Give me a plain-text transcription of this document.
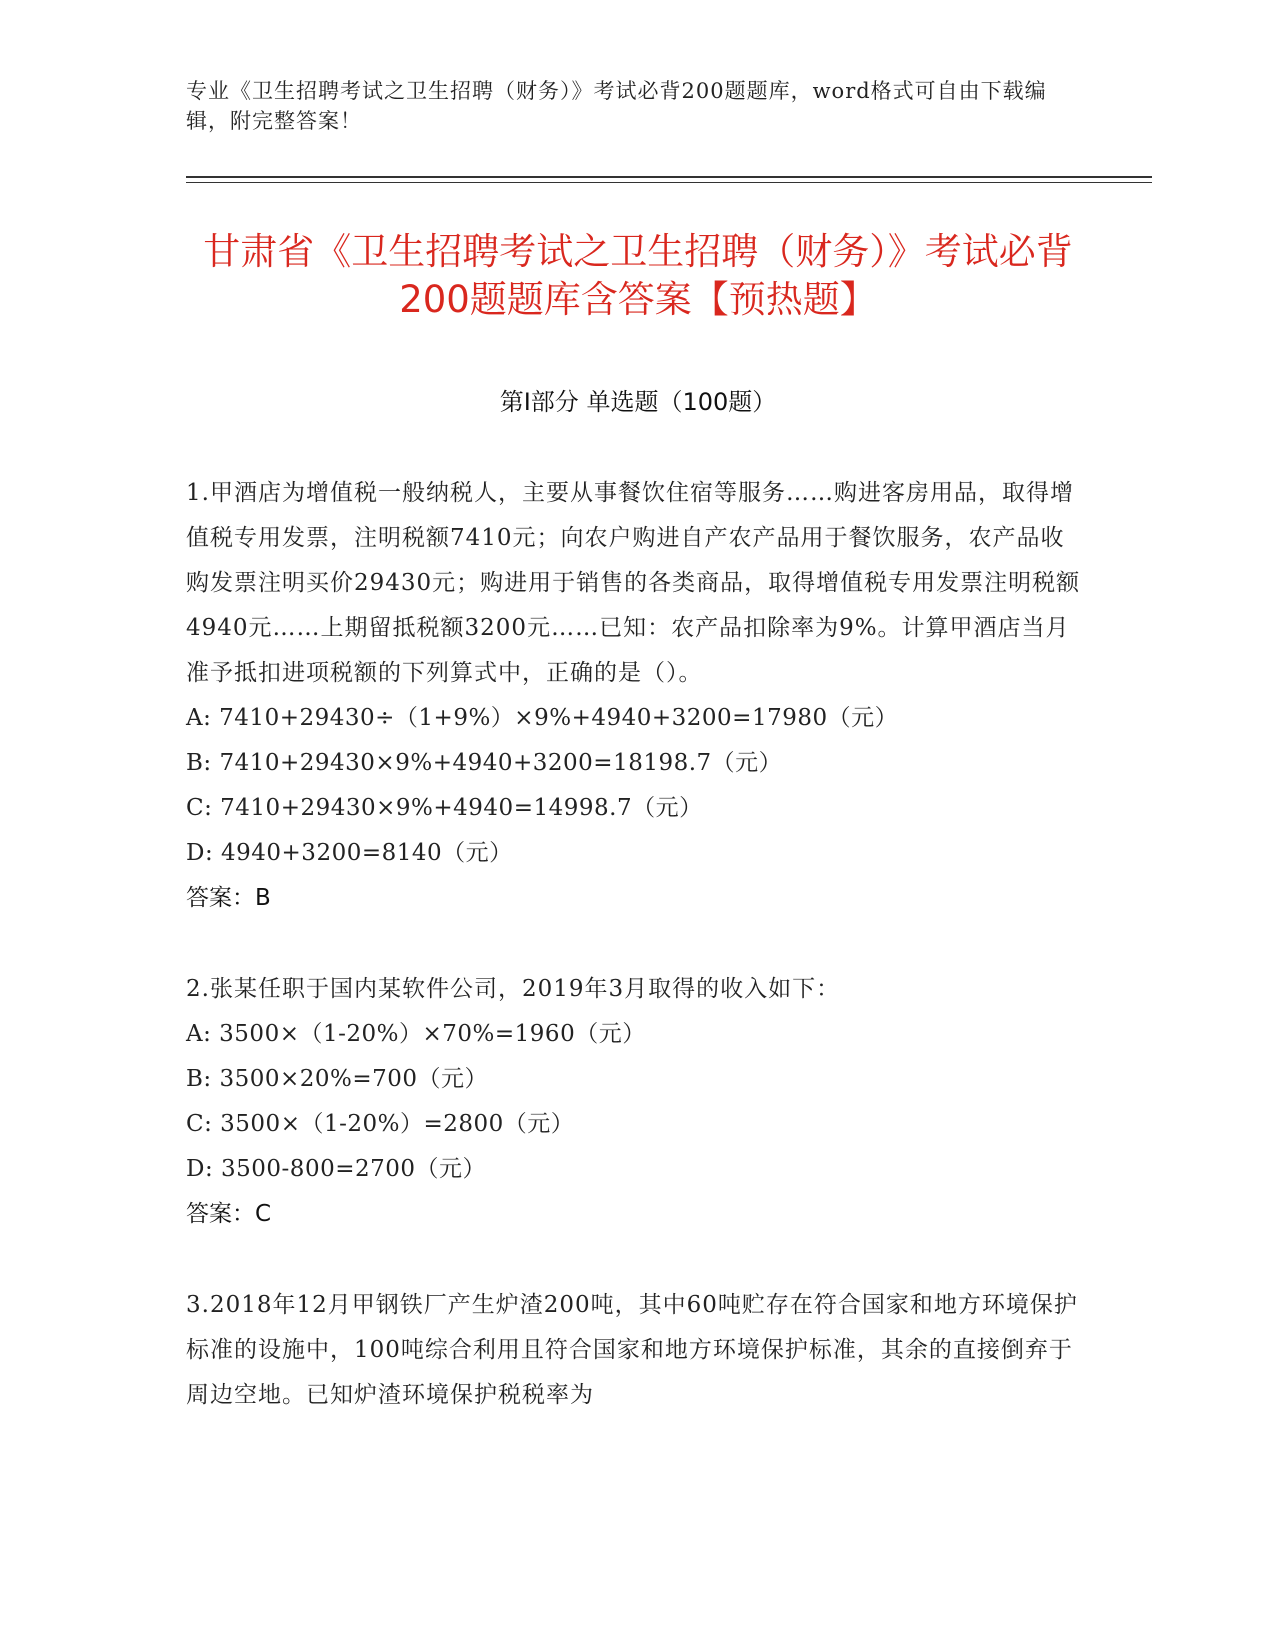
专业《卫生招聘考试之卫生招聘（财务）》考试必背200题题库，word格式可自由下载编辑，附完整答案！
甘肃省《卫生招聘考试之卫生招聘（财务）》考试必背200题题库含答案【预热题】
第I部分 单选题（100题）
1.甲酒店为增值税一般纳税人，主要从事餐饮住宿等服务……购进客房用品，取得增值税专用发票，注明税额7410元；向农户购进自产农产品用于餐饮服务，农产品收购发票注明买价29430元；购进用于销售的各类商品，取得增值税专用发票注明税额4940元……上期留抵税额3200元……已知：农产品扣除率为9%。计算甲酒店当月准予抵扣进项税额的下列算式中，正确的是（）。
A: 7410+29430÷（1+9%）×9%+4940+3200=17980（元）
B: 7410+29430×9%+4940+3200=18198.7（元）
C: 7410+29430×9%+4940=14998.7（元）
D: 4940+3200=8140（元）
答案：B
2.张某任职于国内某软件公司，2019年3月取得的收入如下：
A: 3500×（1-20%）×70%=1960（元）
B: 3500×20%=700（元）
C: 3500×（1-20%）=2800（元）
D: 3500-800=2700（元）
答案：C
3.2018年12月甲钢铁厂产生炉渣200吨，其中60吨贮存在符合国家和地方环境保护标准的设施中，100吨综合利用且符合国家和地方环境保护标准，其余的直接倒弃于周边空地。已知炉渣环境保护税税率为
